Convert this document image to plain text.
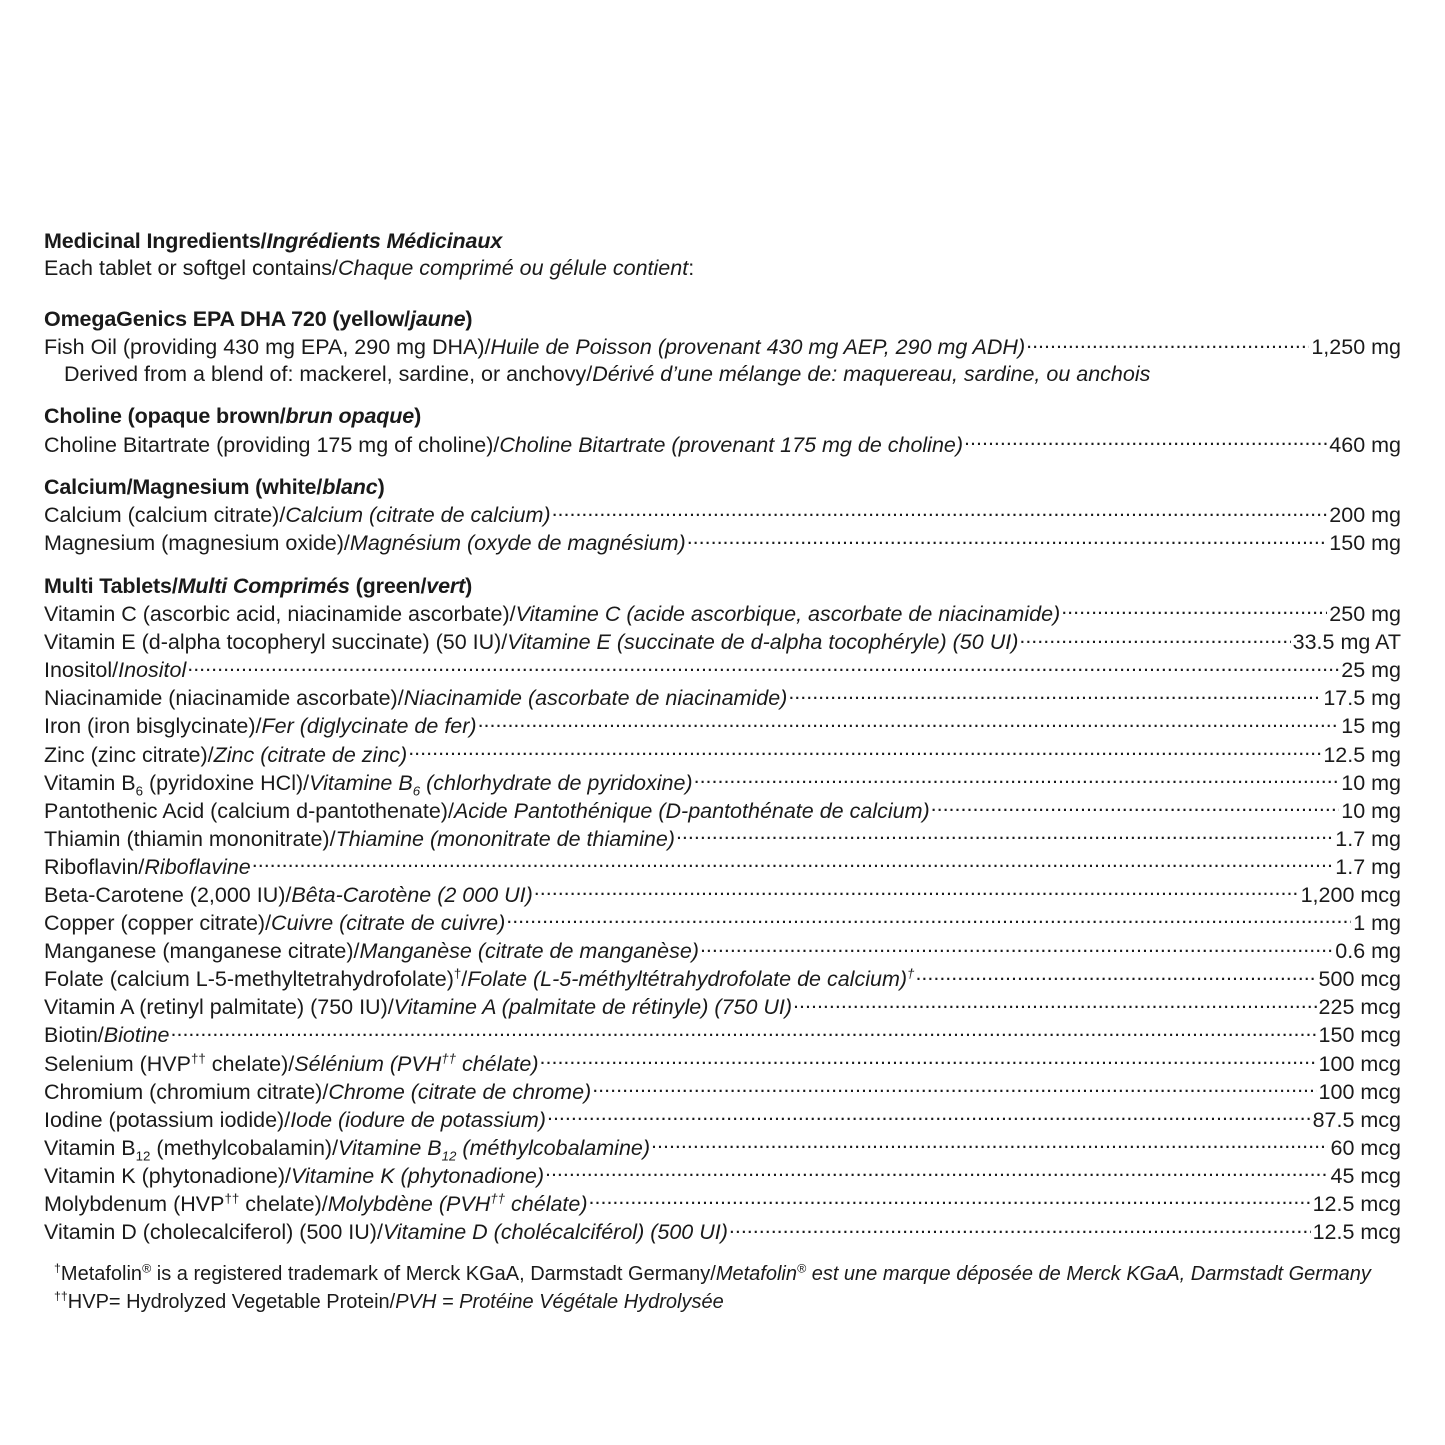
Medicinal Ingredients/Ingrédients Médicinaux
Each tablet or softgel contains/Chaque comprimé ou gélule contient:
OmegaGenics EPA DHA 720 (yellow/jaune)
Fish Oil (providing 430 mg EPA, 290 mg DHA)/Huile de Poisson (provenant 430 mg AEP, 290 mg ADH) .....	1,250 mg
Derived from a blend of: mackerel, sardine, or anchovy/Dérivé d’une mélange de: maquereau, sardine, ou anchois
Choline (opaque brown/brun opaque)
Choline Bitartrate (providing 175 mg of choline)/Choline Bitartrate (provenant 175 mg de choline) .....	460 mg
Calcium/Magnesium (white/blanc)
Calcium (calcium citrate)/Calcium (citrate de calcium) .....	200 mg
Magnesium (magnesium oxide)/Magnésium (oxyde de magnésium) .....	150 mg
Multi Tablets/Multi Comprimés (green/vert)
Vitamin C (ascorbic acid, niacinamide ascorbate)/Vitamine C (acide ascorbique, ascorbate de niacinamide) .....	250 mg
Vitamin E (d-alpha tocopheryl succinate) (50 IU)/Vitamine E (succinate de d-alpha tocophéryle) (50 UI) .....	33.5 mg AT
Inositol/Inositol .....	25 mg
Niacinamide (niacinamide ascorbate)/Niacinamide (ascorbate de niacinamide) .....	17.5 mg
Iron (iron bisglycinate)/Fer (diglycinate de fer) .....	15 mg
Zinc (zinc citrate)/Zinc (citrate de zinc) .....	12.5 mg
Vitamin $B_6$ (pyridoxine HCl)/Vitamine $B_6$ (chlorhydrate de pyridoxine) .....	10 mg
Pantothenic Acid (calcium d-pantothenate)/Acide Pantothénique (D-pantothénate de calcium) .....	10 mg
Thiamin (thiamin mononitrate)/Thiamine (mononitrate de thiamine) .....	1.7 mg
Riboflavin/Riboflavine .....	1.7 mg
Beta-Carotene (2,000 IU)/Bêta-Carotène (2 000 UI) .....	1,200 mcg
Copper (copper citrate)/Cuivre (citrate de cuivre) .....	1 mg
Manganese (manganese citrate)/Manganèse (citrate de manganèse) .....	0.6 mg
Folate (calcium L-5-methyltetrahydrofolate)†/Folate (L-5-méthyltétrahydrofolate de calcium)† .....	500 mcg
Vitamin A (retinyl palmitate) (750 IU)/Vitamine A (palmitate de rétinyle) (750 UI) .....	225 mcg
Biotin/Biotine .....	150 mcg
Selenium (HVP†† chelate)/Sélénium (PVH†† chélate) .....	100 mcg
Chromium (chromium citrate)/Chrome (citrate de chrome) .....	100 mcg
Iodine (potassium iodide)/Iode (iodure de potassium) .....	87.5 mcg
Vitamin $B_{12}$ (methylcobalamin)/Vitamine $B_{12}$ (méthylcobalamine) .....	60 mcg
Vitamin K (phytonadione)/Vitamine K (phytonadione) .....	45 mcg
Molybdenum (HVP†† chelate)/Molybdène (PVH†† chélate) .....	12.5 mcg
Vitamin D (cholecalciferol) (500 IU)/Vitamine D (cholécalciférol) (500 UI) .....	12.5 mcg
†Metafolin® is a registered trademark of Merck KGaA, Darmstadt Germany/Metafolin® est une marque déposée de Merck KGaA, Darmstadt Germany
††HVP= Hydrolyzed Vegetable Protein/PVH = Protéine Végétale Hydrolysée
